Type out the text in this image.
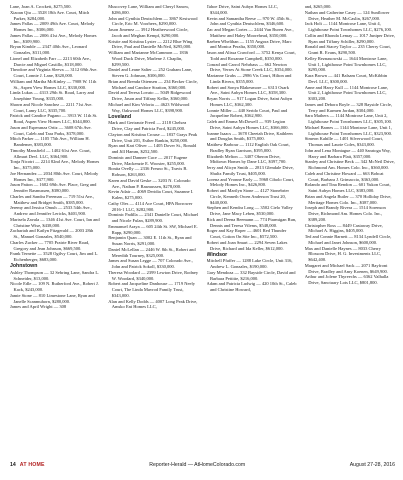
Lane, Joan A. Crockett, $275,500.

Xiaoan Qiu — 3528 18th Ave. Court, Mitch Parker, $284,000.

James Pallas — 2009 49th Ave. Court, Melody Homes Inc., $306,000.

James Pallas — 2006 41st Ave., Melody Homes Inc., $309,900.

Bryan Kimble — 2347 40th Ave., Leonard Gonzales, $311,000.

Lionel and Elizabeth Farr — 2213 60th Ave., Darcie and Miguel Castillo, $318,000.

Theodore and Virginia Sleeva — 3112 69th Ave. Court, Lonnie J. Lane, $320,000.

William and Martha McKinley — 7908 W. 11th St., Aspen View Homes LLC, $330,000.

Linda Lukas — 4313 29th St. Road, Larry and Josephine Young, $335,000.

Shawn and Nicole Sanchez — 2211 71st Ave. Court, Lamy LLC, $335,700.

Patrick and Candice Pagano — 3913 W. 11th St. Road, Aspen View Homes LLC, $344,800.

Jason and Esperanza Ortiz — 3608 67th Ave. Court, Caleb and Tara Parks, $378,000.

Mitch Parker — 1105 75th Ave., William H. Bandemer, $383,000.

Timothy Mansfield — 1402 61st Ave. Court, Allmart Devl. LLC, $364,900.

Tonja Nicotri — 2214 82nd Ave., Melody Homes Inc., $375,000.

Joe Hernandez — 2034 80th Ave. Court, Melody Homes Inc., $377,900.

Jason Patton — 1602 69th Ave. Place, Greg and Jennifer Rasmussen, $380,000.

Charles and Sandra Freeman — 719 51st Ave., Matthew and Bridget Smith, $385,000.

Jeremy and Jessica Omuh — 2533 54th Ave., Andrew and Jennifer Lericks, $401,900.

Marisela Zavala — 1346 41st Ave. Court, Ian and Christine Wise, $438,000.

Zachariah and Katlyn Fitzgerald — 2003 28th St., Manuel Gonzales, $540,000.

Charles Zucker — 7705 Prairie River Road, Gregory and Jean Johnson, $669,500.

Frank Ternette — 3528 Ogilvy Court, Jim and L. Eichenberger, $683,000.

Johnstown

Ashley Thompson — 32 Sebring Lane, Sandra L. Schneider, $13,000.

Nicole Edle — 109 N. Rutherford Ave., Robert J. Kack, $243,000.

Jamie Stone — 810 Limestone Lane, Ryan and Janelle Scanmuhorn, $280,000.

James and April Wright — 308

Muscovey Lane, William and Cheryl Sanow, $286,000.

John and Cynthia Deutschlem — 3867 Kestwood Circle, Eric M. Voorhees, $290,000.

Jason Jimenez — 3912 Heatherwood Circle, Jacob and Meghan Kempf, $290,000.

Kristie and Kristina Lyster — 2212 Blue Wing Drive, Paul and Danielle McNeil, $295,000.

William and Marianne McCammon — 1836 Wood Duck Drive, Marlene J. Chaplin, $299,500.

Daniel and Leane Salter — 252 Graham Lane, Steven G. Johnson, $306,000.

Brian and Brenda Ottensen — 234 Becker Circle, Michael and Candace Stratton, $360,000.

David and Teresa Lovato — 5049 Ridgewood Drive, Jason and Tiffany Kellie, $360,000.

Michael and Kim Veloria — 4623 Wildwood Way, Oakwood Homes LLC, $398,900.

Loveland

Mark and Gertraute Freeil — 2118 Chelsea Drive, Clay and Patricia Ford, $245,000.

Clayton and Kristina Crouse — 1837 Grays Peak Drive, Unit 201, Esther Rankin, $250,000.

Ryan and Kari Oliver — 1405 Dover St., Ronald and Jill Hamm, $252,500.

Dominic and Dannee Cuce — 2017 Eugene Drive, Mackenzie E. Wooster, $255,000.

Bonita Ovelly — 2336 Fresno St., Travis B. Robson, $263,000.

Karen and David Geske — 3203 N. Colorado Ave., Nathan P. Rasmussen, $278,000.

Kevin Adair — 4069 Deridia Court, Suzanne I. Kalen, $275,000.

Cathy Oles — 4114 Ace Court, HPA Borrower 2016-1 LLC, $282,900.

Dominic Padilla — 2341 Danielle Court, Michael and Nicole Fulan, $289,900.

Emmanuel Araya — 605 24th St. SW, Michael E. Rapp, $290,000.

Benjamin Quan — 3002 E. 11th St., Ryan and Susan Norris, $291,000.

Daniel McLellan — 2446 W. 8th St., Robert and Meredith Tourney, $325,000.

James and Susan Legge — 707 Colorado Ave., John and Patrick Sokoll, $330,000.

Theresa Woodard — 2399 Lewton Drive, Rodney W. Woodard, $340,000.

Robert and Jacqueline Danhouse — 1719 Neely Court, The Linda Mavrod Family Trust, $343,000.

Alan and Kelly Dodds — 4007 Long Peak Drive, Amsko Ent Homes LLC,

Tahoe Drive, Saint Aubyn Homes LLC, $344,000.

Kevin and Samantha Reese — 970 W. 45th St., John and Cynthia Deutschlem, $346,600.

Zac and Megan Cortes — 2444 Van Buren Ave., Matthew and Haley Moorehead, $350,000.

Raeben Whelihan — 1155 Angora Drive, Marc and Monica Peralta, $350,000.

Jason and Alissa Crawford — 3752 Kenya Court, Todd and Roxanne Campbell, $350,000.

Conrad and Carrol Nehrbass — 662 Newton Drive, Verses At Stone Creek LLC, $354,000.

Marianne Grubs — 2986 Vis Court, Hilton and Linda Rivera, $355,000.

Robert and Sonya Blakesmore — 6313 Osark Ave., Saint Aubyn Homes LLC, $358,300.

Bryan Norris — 917 Logan Drive, Saint Aubyn Homes LLC, $362,300.

Lonnie Miller — 440 Serido Court, Paul and Jacqueline Robert, $362,900.

Caleb and Emma McDowell — 939 Legion Drive, Saint Aubyn Homes LLC, $366,000.

Joanne Isaacs — 3678 Cheetah Drive, Kathleen and Douglas Smith, $375,000.

Matthew Barbour — 1112 English Oak Court, Bradley Ryan Garrison, $395,000.

Elizabeth Melton — 3407 Oberon Drive, Midtown Homes by Dane LLC, $397,700.

Jerry and Alicyn Smith — 2813 Glendale Drive, Shultz Family Trust, $405,000.

Lorenz and Yvonne Early — 5968 Cibolo Court, Melody Homes Inc., $426,800.

Robert and Marilyn Stone — 4127 Stonebrier Circle, Kenneth Owen Anderson Trust 20, $440,000.

Stephen and Kendra Long — 3502 Cielo Valley Drive, Jane Macy Leben, $530,000.

Rick and Deena Beemann — 774 Ptarmigan Run, Dennis and Teresa Vilems, $548,000.

Roger and Kay Roper — 4601 Red Thunder Court, Cotton On Site Inc., $572,500.

Robert and Joan Smart — 2294 Seven Lakes Drive, Richard and Ida Keller, $612,000.

Windsor

Mitchell Pfaffer — 1288 Lake Circle, Unit 316, Andrew L. Gonzales, $190,000.

Gary Mendoza — 332 Bayside Circle, David and Barbara Pettitte, $216,000.

Adam and Patricia Ludwig — 420 10th St., Caleb and Christine Howard,

and, $265,000.

Nathan and Catherine Casey — 124 Sunflower Drive, Heather M. McCaslin, $267,000.

Jack Holt — 1144 Montrose Lane, Unit 4, Lighthouse Point Townhomes LLC, $276,100.

Collin and Rhonda Lemay — 1017 Juniper Drive, Ryan and Tiffany Schiller, $290,000.

Ronald and Stacey Taylor — 235 Cherry Court, Grant R. Evans, $290,500.

Kelley Reznauowski — 1644 Montrose Lane, Unit 1, Lighthouse Point Townhomes LLC, $295,000.

Kara Brown — 441 Balsam Court, McKibbin Devl. LLC, $300,000.

Anne and Harry Kull — 1144 Montrose Lane, Unit 2, Lighthouse Point Townhomes LLC, $303,200.

James and Debora Boyle — 328 Bayside Circle, Terry and Karmen Jordan, $304,000.

Sara Mathers — 1144 Montrose Lane, Unit 2, Lighthouse Point Townhomes LLC, $305,100.

Michael Barnes — 1144 Montrose Lane, Unit 1, Lighthouse Point Townhomes LLC, $323,900.

Simeon Kahille — 1401 Silverwood Court, Thomas and Laurie Coles, $343,000.

John and Lena Montague — 440 Saratoga Way, Harry and Barbara Platt, $357,000.

Stanley and Christine Beck — 342 McNeil Drive, Richmond Am. Homes Colo. Inc., $360,000.

Caleb and Christine Howard — 663 Bobcat Court, Barbara J. Grimaccio, $363,000.

Rolando and Tina Rendon — 601 Yukon Court, Saint Aubyn Homes LLC, $383,000.

Brian and Angela Butler — 370 Holliday Drive, Meritage Homes Colo. Inc., $387,000.

Joseph and Brandy Rivera — 1514 Sorenson Drive, Richmond Am. Homes Colo. Inc., $389,200.

Christopher Ross — 8449 Castaway Drive, Michael A. Higgins, $405,000.

Ted and Connie Barnett — 8134 Lyndell Circle, Michael and Janet Johnson, $600,000.

Max and Danielle Haynes — 8033 Cherry Blossom Drive, H. G. Investments LLC, $642,400.

Margaret and Michael Sack — 2071 Bayfront Drive, Bradley and Amy Koenen, $649,900.

Arthur and Jolene Thyreechs — 6362 Valhalla Drive, Sanctuary Lots LLC, $801,800.

14 AT HOME	Reporter-Herald — AtHomeColorado.com	August 27-28, 2016
